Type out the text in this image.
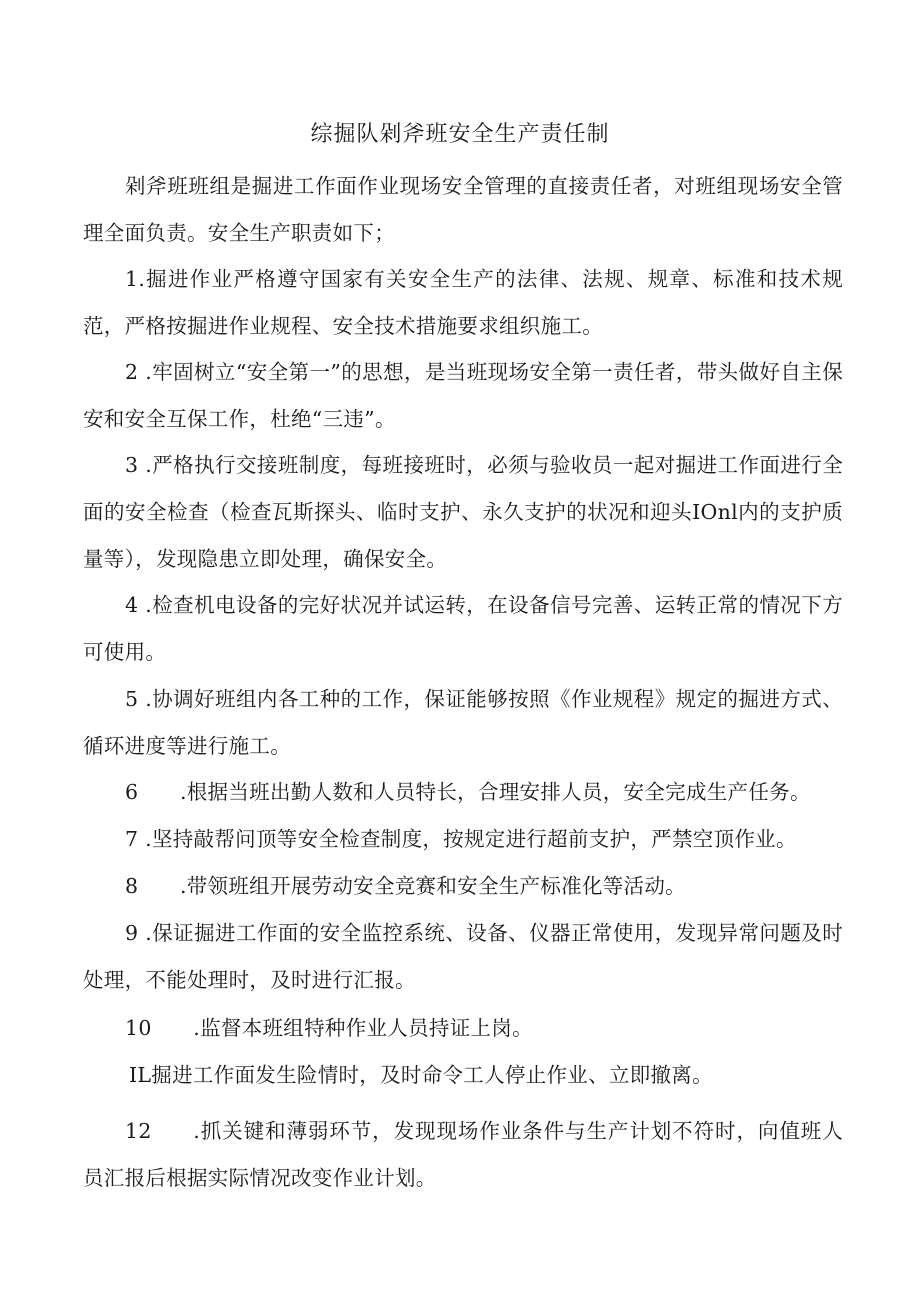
综掘队剁斧班安全生产责任制

剁斧班班组是掘进工作面作业现场安全管理的直接责任者，对班组现场安全管理全面负责。安全生产职责如下；

1.掘进作业严格遵守国家有关安全生产的法律、法规、规章、标准和技术规范，严格按掘进作业规程、安全技术措施要求组织施工。

2 .牢固树立“安全第一”的思想，是当班现场安全第一责任者，带头做好自主保安和安全互保工作，杜绝“三违”。

3 .严格执行交接班制度，每班接班时，必须与验收员一起对掘进工作面进行全面的安全检查（检查瓦斯探头、临时支护、永久支护的状况和迎头IOnl内的支护质量等），发现隐患立即处理，确保安全。

4 .检查机电设备的完好状况并试运转，在设备信号完善、运转正常的情况下方可使用。

5 .协调好班组内各工种的工作，保证能够按照《作业规程》规定的掘进方式、循环进度等进行施工。

6  .根据当班出勤人数和人员特长，合理安排人员，安全完成生产任务。

7 .坚持敲帮问顶等安全检查制度，按规定进行超前支护，严禁空顶作业。

8  .带领班组开展劳动安全竞赛和安全生产标准化等活动。

9 .保证掘进工作面的安全监控系统、设备、仪器正常使用，发现异常问题及时处理，不能处理时，及时进行汇报。

10  .监督本班组特种作业人员持证上岗。

IL掘进工作面发生险情时，及时命令工人停止作业、立即撤离。

12  .抓关键和薄弱环节，发现现场作业条件与生产计划不符时，向值班人员汇报后根据实际情况改变作业计划。
